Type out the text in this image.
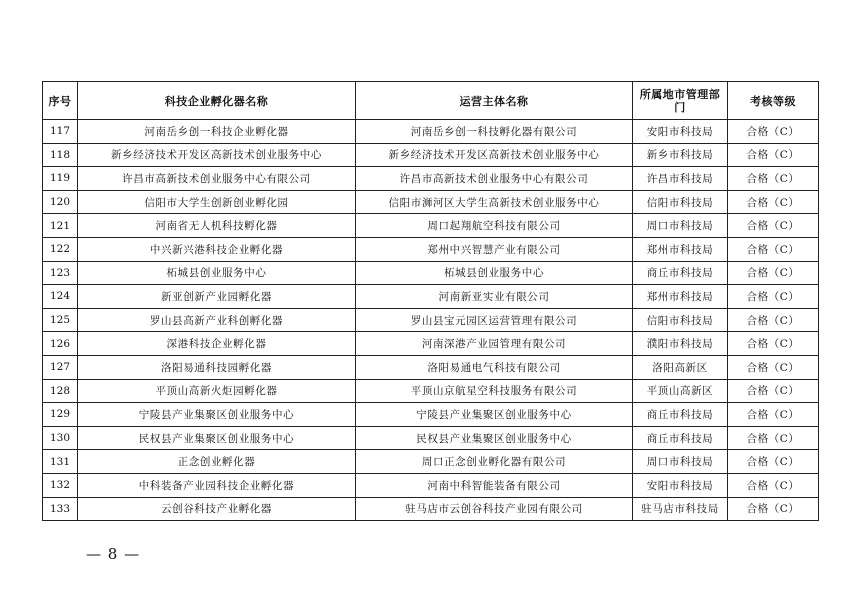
序号	科技企业孵化器名称	运营主体名称	所属地市管理部门	考核等级
117	河南岳乡创一科技企业孵化器	河南岳乡创一科技孵化器有限公司	安阳市科技局	合格（C）
118	新乡经济技术开发区高新技术创业服务中心	新乡经济技术开发区高新技术创业服务中心	新乡市科技局	合格（C）
119	许昌市高新技术创业服务中心有限公司	许昌市高新技术创业服务中心有限公司	许昌市科技局	合格（C）
120	信阳市大学生创新创业孵化园	信阳市浉河区大学生高新技术创业服务中心	信阳市科技局	合格（C）
121	河南省无人机科技孵化器	周口起翔航空科技有限公司	周口市科技局	合格（C）
122	中兴新兴港科技企业孵化器	郑州中兴智慧产业有限公司	郑州市科技局	合格（C）
123	柘城县创业服务中心	柘城县创业服务中心	商丘市科技局	合格（C）
124	新亚创新产业园孵化器	河南新亚实业有限公司	郑州市科技局	合格（C）
125	罗山县高新产业科创孵化器	罗山县宝元园区运营管理有限公司	信阳市科技局	合格（C）
126	深港科技企业孵化器	河南深港产业园管理有限公司	濮阳市科技局	合格（C）
127	洛阳易通科技园孵化器	洛阳易通电气科技有限公司	洛阳高新区	合格（C）
128	平顶山高新火炬园孵化器	平顶山京航星空科技服务有限公司	平顶山高新区	合格（C）
129	宁陵县产业集聚区创业服务中心	宁陵县产业集聚区创业服务中心	商丘市科技局	合格（C）
130	民权县产业集聚区创业服务中心	民权县产业集聚区创业服务中心	商丘市科技局	合格（C）
131	正念创业孵化器	周口正念创业孵化器有限公司	周口市科技局	合格（C）
132	中科装备产业园科技企业孵化器	河南中科智能装备有限公司	安阳市科技局	合格（C）
133	云创谷科技产业孵化器	驻马店市云创谷科技产业园有限公司	驻马店市科技局	合格（C）
— 8 —
